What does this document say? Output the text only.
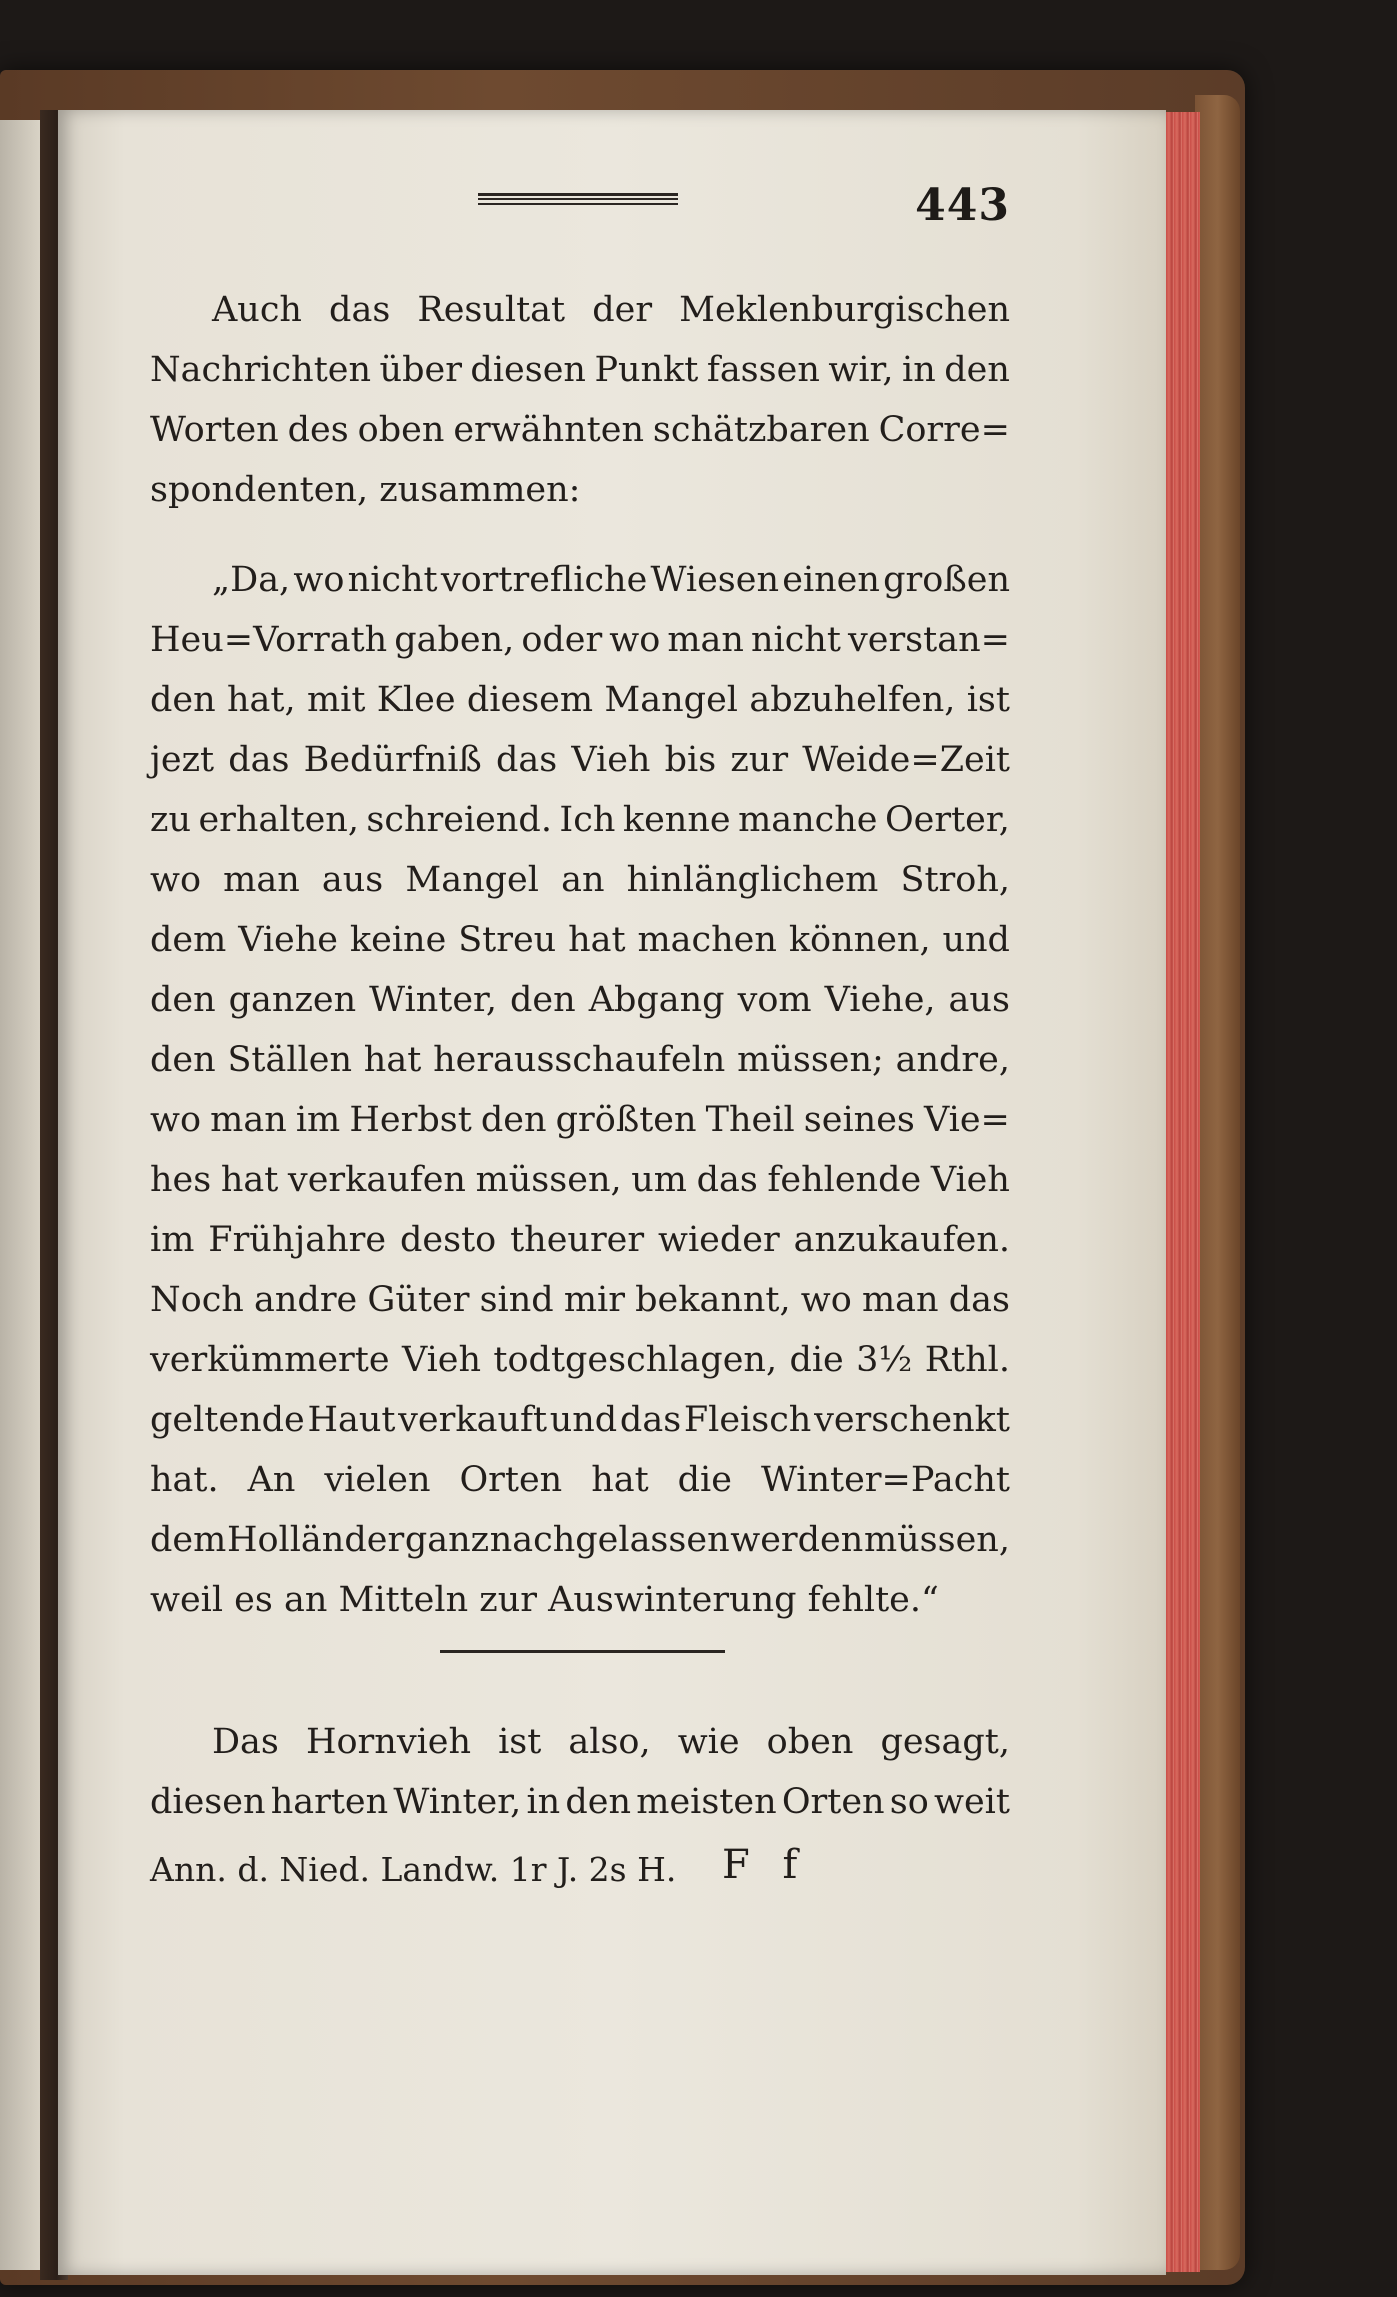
443
Auch das Resultat der Meklenburgischen
Nachrichten über diesen Punkt fassen wir, in den
Worten des oben erwähnten schätzbaren Corre=
spondenten, zusammen:
„Da, wo nicht vortrefliche Wiesen einen großen
Heu=Vorrath gaben, oder wo man nicht verstan=
den hat, mit Klee diesem Mangel abzuhelfen, ist
jezt das Bedürfniß das Vieh bis zur Weide=Zeit
zu erhalten, schreiend. Ich kenne manche Oerter,
wo man aus Mangel an hinlänglichem Stroh,
dem Viehe keine Streu hat machen können, und
den ganzen Winter, den Abgang vom Viehe, aus
den Ställen hat herausschaufeln müssen; andre,
wo man im Herbst den größten Theil seines Vie=
hes hat verkaufen müssen, um das fehlende Vieh
im Frühjahre desto theurer wieder anzukaufen.
Noch andre Güter sind mir bekannt, wo man das
verkümmerte Vieh todtgeschlagen, die 3½ Rthl.
geltende Haut verkauft und das Fleisch verschenkt
hat. An vielen Orten hat die Winter=Pacht
dem Holländer ganz nachgelassen werden müssen,
weil es an Mitteln zur Auswinterung fehlte.“
Das Hornvieh ist also, wie oben gesagt,
diesen harten Winter, in den meisten Orten so weit
Ann. d. Nied. Landw. 1r J. 2s H.	F f
